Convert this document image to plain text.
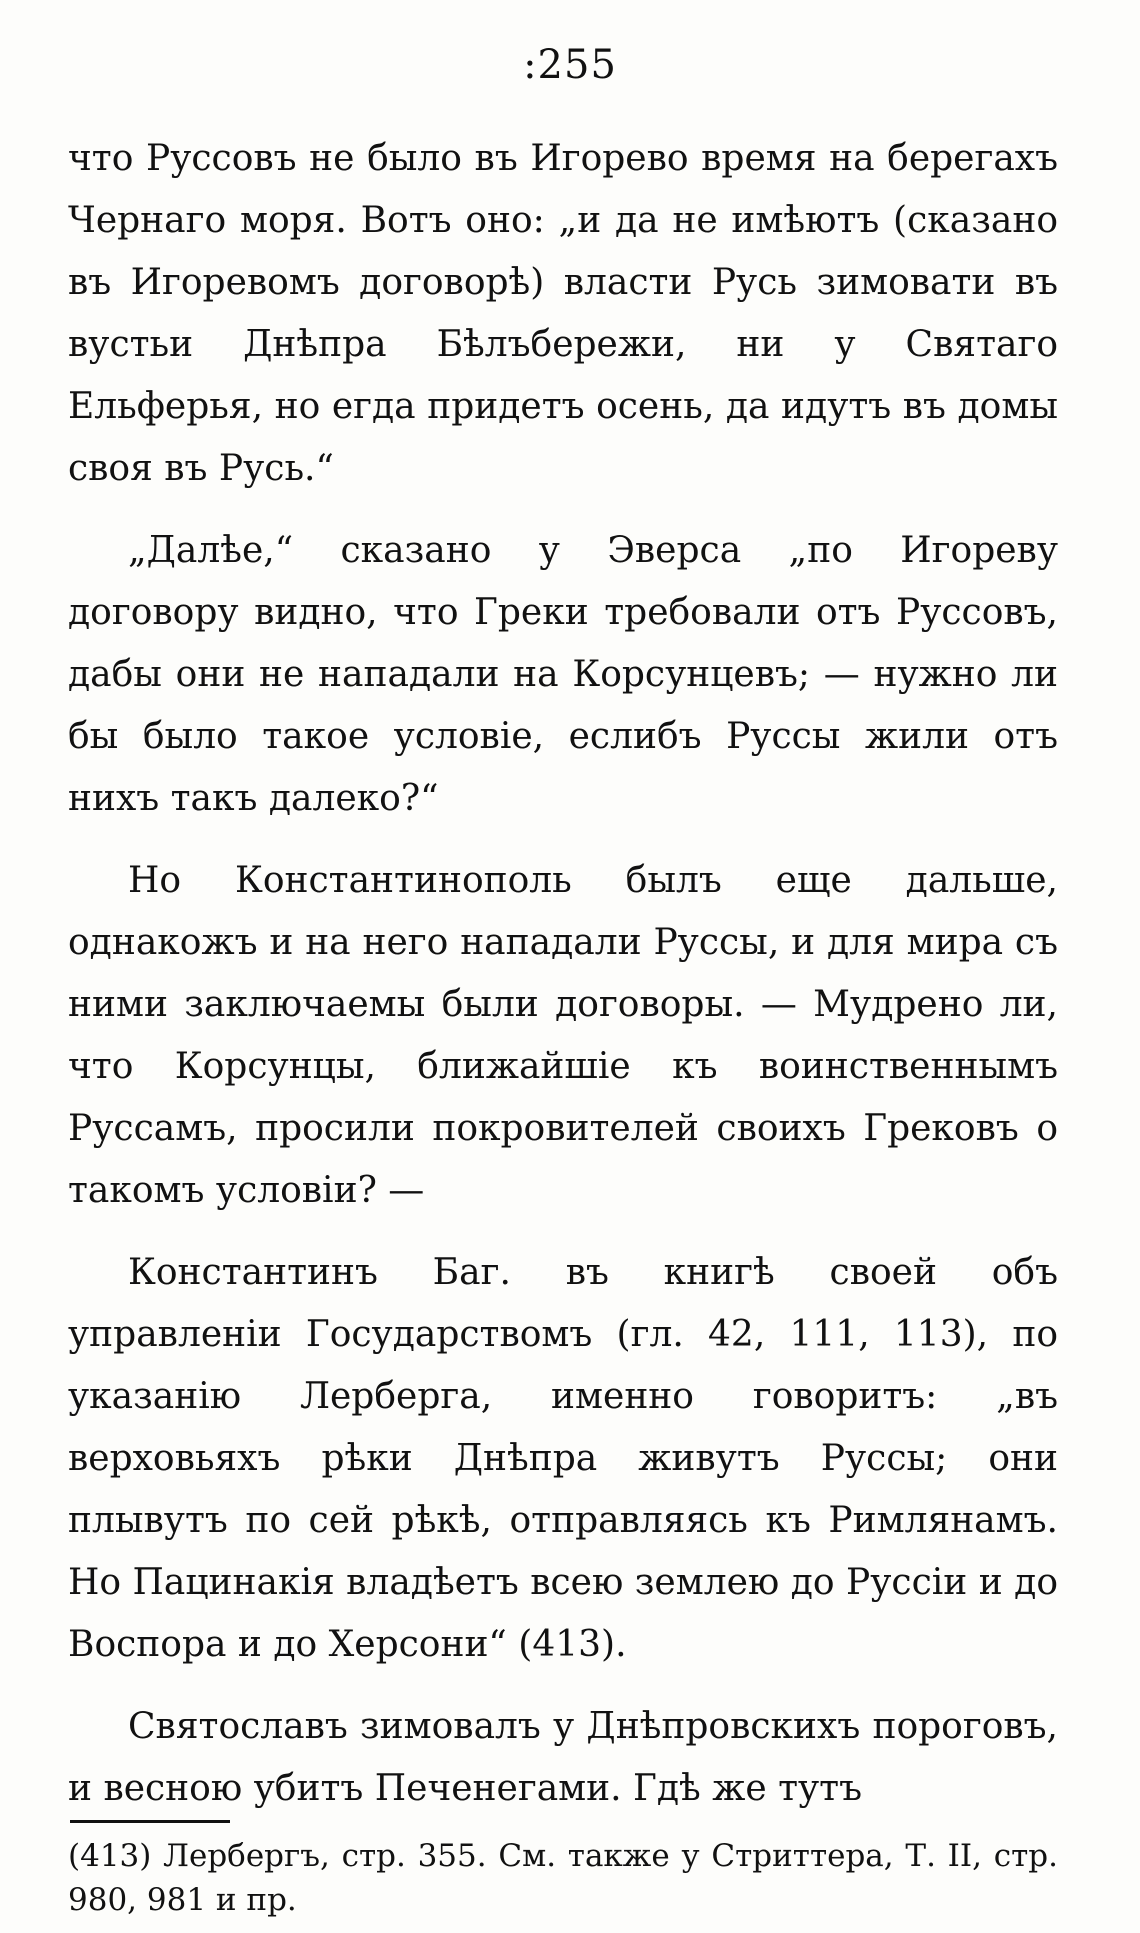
:255

что Руссовъ не было въ Игорево время на берегахъ Чернаго моря. Вотъ оно: „и да не имѣютъ (сказано въ Игоревомъ договорѣ) власти Русь зимовати въ вустьи Днѣпра Бѣлъбережи, ни у Святаго Ельферья, но егда придетъ осень, да идутъ въ домы своя въ Русь.“

„Далѣе,“ сказано у Эверса „по Игореву договору видно, что Греки требовали отъ Руссовъ, дабы они не нападали на Корсунцевъ; — нужно ли бы было такое условіе, еслибъ Руссы жили отъ нихъ такъ далеко?“

Но Константинополь былъ еще дальше, однакожъ и на него нападали Руссы, и для мира съ ними заключаемы были договоры. — Мудрено ли, что Корсунцы, ближайшіе къ воинственнымъ Руссамъ, просили покровителей своихъ Грековъ о такомъ условіи? —

Константинъ Баг. въ книгѣ своей объ управленіи Государствомъ (гл. 42, 111, 113), по указанію Лерберга, именно говоритъ: „въ верховьяхъ рѣки Днѣпра живутъ Руссы; они плывутъ по сей рѣкѣ, отправляясь къ Римлянамъ. Но Пацинакія владѣетъ всею землею до Руссіи и до Воспора и до Херсони“ (413).

Святославъ зимовалъ у Днѣпровскихъ пороговъ, и весною убитъ Печенегами. Гдѣ же тутъ

(413) Лербергъ, стр. 355. См. также у Стриттера, Т. II, стр. 980, 981 и пр.
